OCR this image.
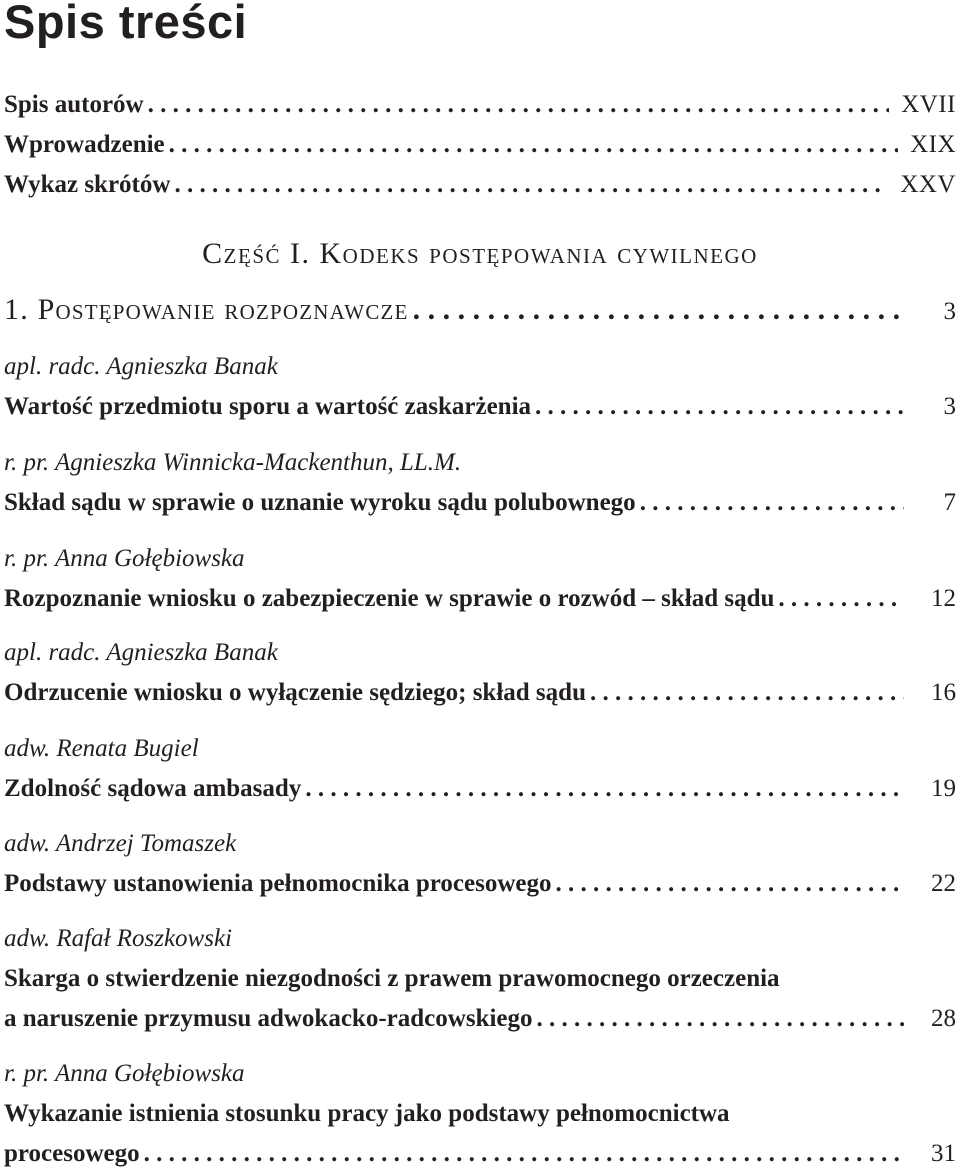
Spis treści
Spis autorów . . .	XVII
Wprowadzenie . . .	XIX
Wykaz skrótów . . .	XXV
Część I. Kodeks postępowania cywilnego
1. Postępowanie rozpoznawcze . . .	3
apl. radc. Agnieszka Banak
Wartość przedmiotu sporu a wartość zaskarżenia . . .	3
r. pr. Agnieszka Winnicka-Mackenthun, LL.M.
Skład sądu w sprawie o uznanie wyroku sądu polubownego . . .	7
r. pr. Anna Gołębiowska
Rozpoznanie wniosku o zabezpieczenie w sprawie o rozwód – skład sądu . . .	12
apl. radc. Agnieszka Banak
Odrzucenie wniosku o wyłączenie sędziego; skład sądu . . .	16
adw. Renata Bugiel
Zdolność sądowa ambasady . . .	19
adw. Andrzej Tomaszek
Podstawy ustanowienia pełnomocnika procesowego . . .	22
adw. Rafał Roszkowski
Skarga o stwierdzenie niezgodności z prawem prawomocnego orzeczenia
a naruszenie przymusu adwokacko-radcowskiego . . .	28
r. pr. Anna Gołębiowska
Wykazanie istnienia stosunku pracy jako podstawy pełnomocnictwa
procesowego . . .	31
